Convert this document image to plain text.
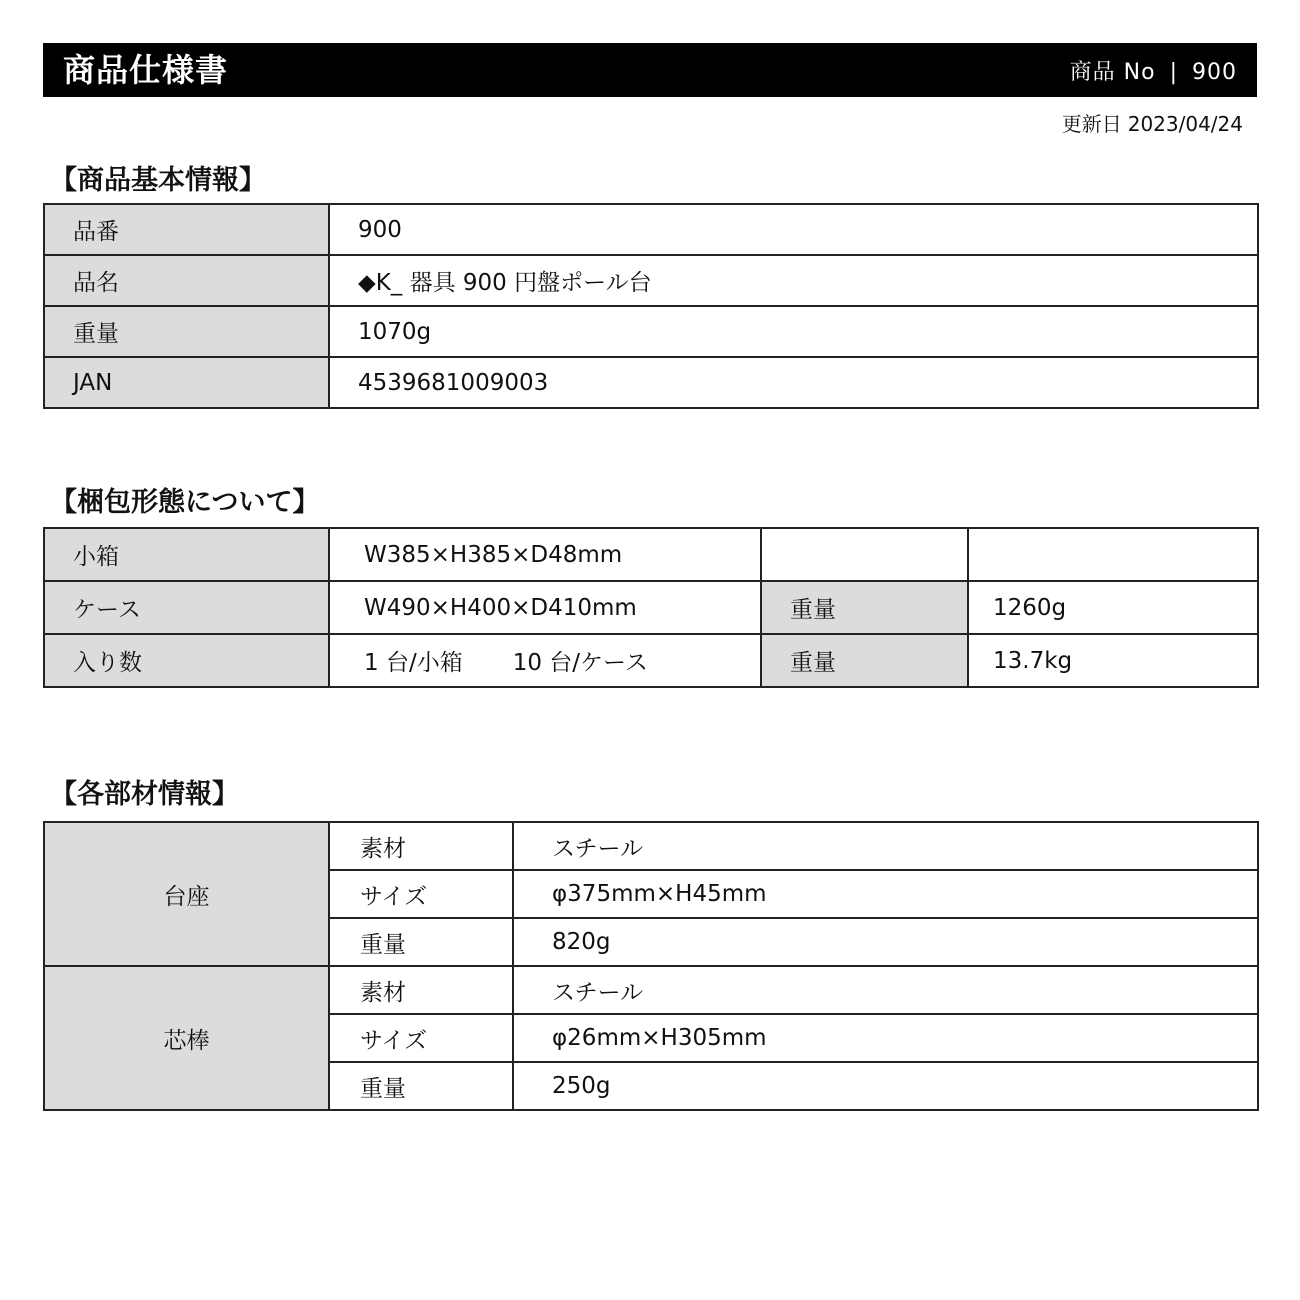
商品仕様書	商品 No | 900
更新日 2023/04/24
【商品基本情報】
品番	900
品名	◆K_ 器具 900 円盤ポール台
重量	1070g
JAN	4539681009003
【梱包形態について】
小箱	W385×H385×D48mm		
ケース	W490×H400×D410mm	重量	1260g
入り数	1 台/小箱 10 台/ケース	重量	13.7kg
【各部材情報】
台座	素材	スチール
	サイズ	φ375mm×H45mm
	重量	820g
芯棒	素材	スチール
	サイズ	φ26mm×H305mm
	重量	250g
